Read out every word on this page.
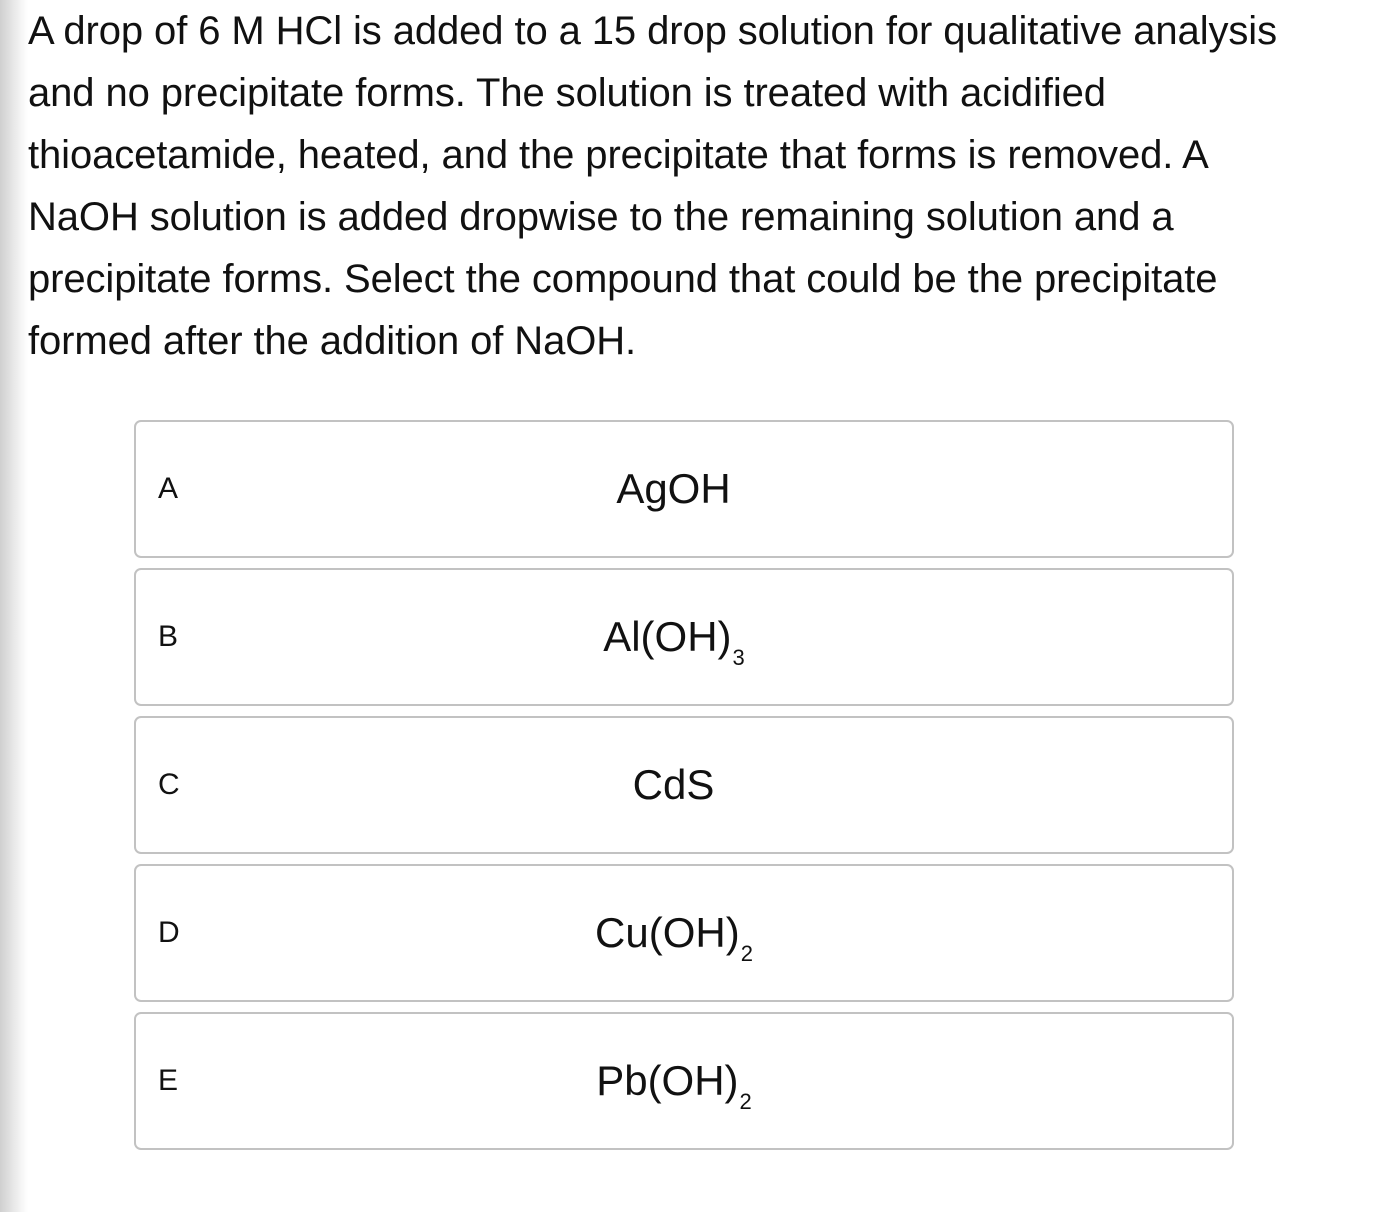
A drop of 6 M HCl is added to a 15 drop solution for qualitative analysis and no precipitate forms. The solution is treated with acidified thioacetamide, heated, and the precipitate that forms is removed. A NaOH solution is added dropwise to the remaining solution and a precipitate forms. Select the compound that could be the precipitate formed after the addition of NaOH.

A	AgOH
B	$Al(OH)_3$
C	CdS
D	$Cu(OH)_2$
E	$Pb(OH)_2$
